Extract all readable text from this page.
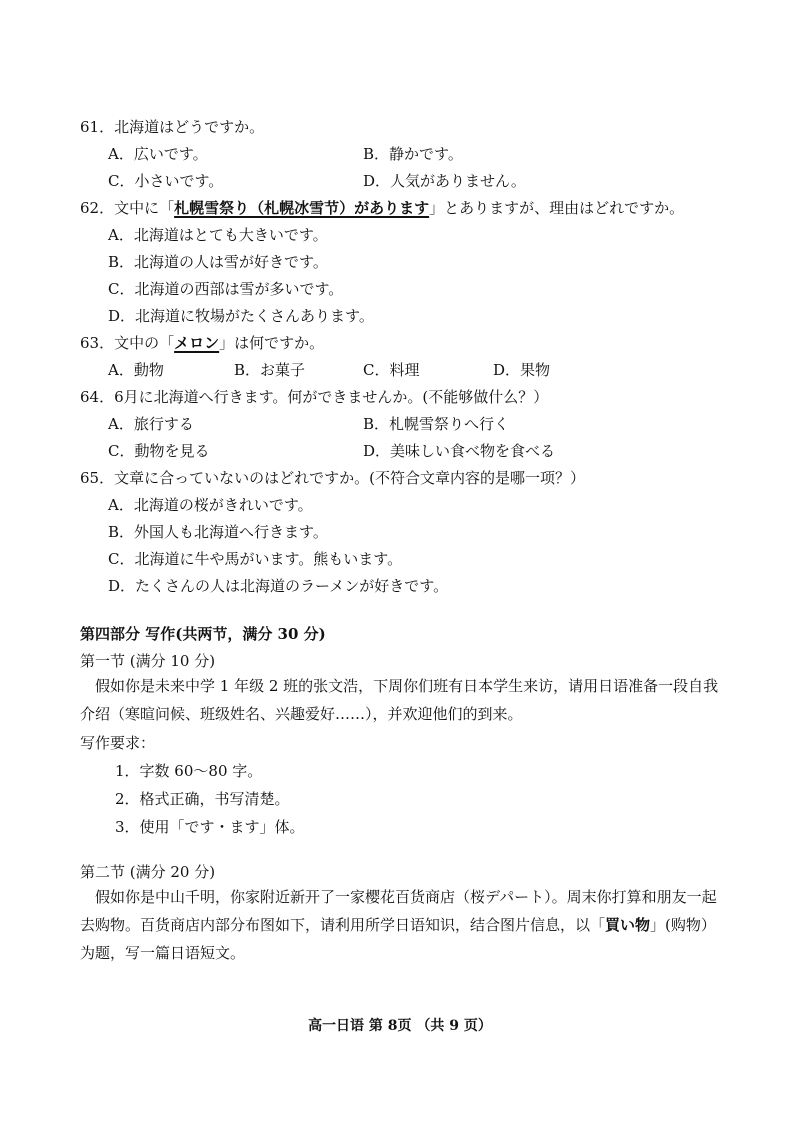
61．北海道はどうですか。
A．広いです。	B．静かです。
C．小さいです。	D．人気がありません。
62．文中に「札幌雪祭り（札幌冰雪节）があります」とありますが、理由はどれですか。
A．北海道はとても大きいです。
B．北海道の人は雪が好きです。
C．北海道の西部は雪が多いです。
D．北海道に牧場がたくさんあります。
63．文中の「メロン」は何ですか。
A．動物	B．お菓子	C．料理	D．果物
64．6月に北海道へ行きます。何ができませんか。(不能够做什么？）
A．旅行する	B．札幌雪祭りへ行く
C．動物を見る	D．美味しい食べ物を食べる
65．文章に合っていないのはどれですか。(不符合文章内容的是哪一项？）
A．北海道の桜がきれいです。
B．外国人も北海道へ行きます。
C．北海道に牛や馬がいます。熊もいます。
D．たくさんの人は北海道のラーメンが好きです。
第四部分 写作(共两节，满分 30 分)
第一节 (满分 10 分)
假如你是未来中学 1 年级 2 班的张文浩，下周你们班有日本学生来访，请用日语准备一段自我介绍（寒暄问候、班级姓名、兴趣爱好……），并欢迎他们的到来。
写作要求：
1．字数 60～80 字。
2．格式正确，书写清楚。
3．使用「です・ます」体。
第二节 (满分 20 分)
假如你是中山千明，你家附近新开了一家樱花百货商店（桜デパート）。周末你打算和朋友一起去购物。百货商店内部分布图如下，请利用所学日语知识，结合图片信息，以「買い物」(购物）为题，写一篇日语短文。
高一日语 第 8页 （共 9 页）
